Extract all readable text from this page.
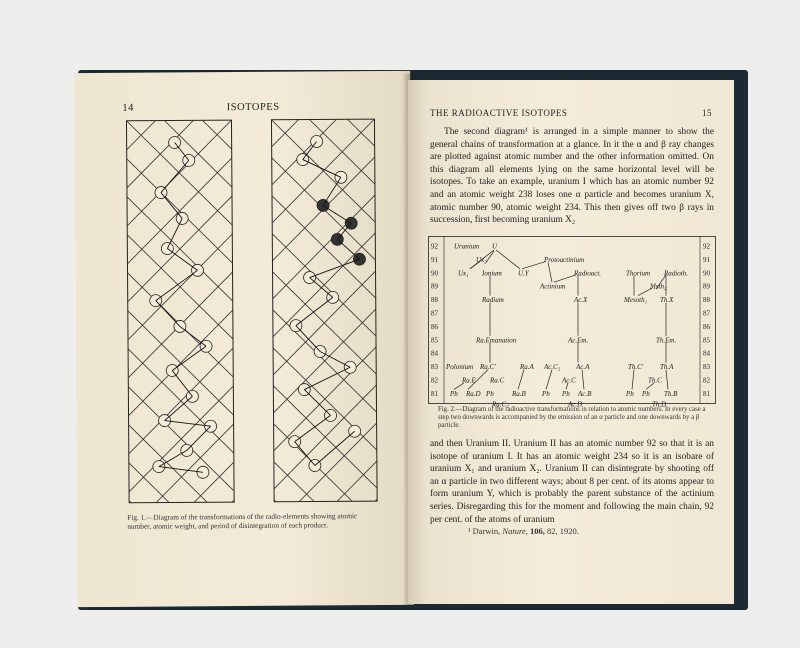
14	ISOTOPES
Fig. 1.—Diagram of the transformations of the radio-elements showing atomic number, atomic weight, and period of disintegration of each product.
THE RADIOACTIVE ISOTOPES	15
The second diagram¹ is arranged in a simple manner to show the general chains of transformation at a glance. In it the α and β ray changes are plotted against atomic number and the other information omitted. On this diagram all elements lying on the same horizontal level will be isotopes. To take an example, uranium I which has an atomic number 92 and an atomic weight 238 loses one α particle and becomes uranium X, atomic number 90, atomic weight 234. This then gives off two β rays in succession, first becoming uranium X₂
92	92
91	91
90	90
89	89
88	88
87	87
86	86
85	85
84	84
83	83
82	82
81	81
Uranium U
Ux₂	Protoactinium
Ux₁ Ionium U.Y	Radioact.	Thorium Radioth.
Actinium	Msth₂
Radium	Ac.X	Mesoth₁ Th.X
Ra.Emanation	Ac.Em.	Th.Em.
Polonium Ra.C'	Ra.A Ac.C₂ Ac.A	Th.C' Th.A
Ra.E Ra.C	Ac.C	Th.C
Pb Ra.D Pb	Ra.B Pb Pb Ac.B	Pb Pb Th.B
Ra.C₂	Ac.D	Th.D
Fig. 2.—Diagram of the radioactive transformations in relation to atomic numbers. In every case a step two downwards is accompanied by the emission of an α particle and one downwards by a β particle.
and then Uranium II. Uranium II has an atomic number 92 so that it is an isotope of uranium I. It has an atomic weight 234 so it is an isobare of uranium X₁ and uranium X₂. Uranium II can disintegrate by shooting off an α particle in two different ways; about 8 per cent. of its atoms appear to form uranium Y, which is probably the parent substance of the actinium series. Disregarding this for the moment and following the main chain, 92 per cent. of the atoms of uranium
¹ Darwin, Nature, 106, 82, 1920.
